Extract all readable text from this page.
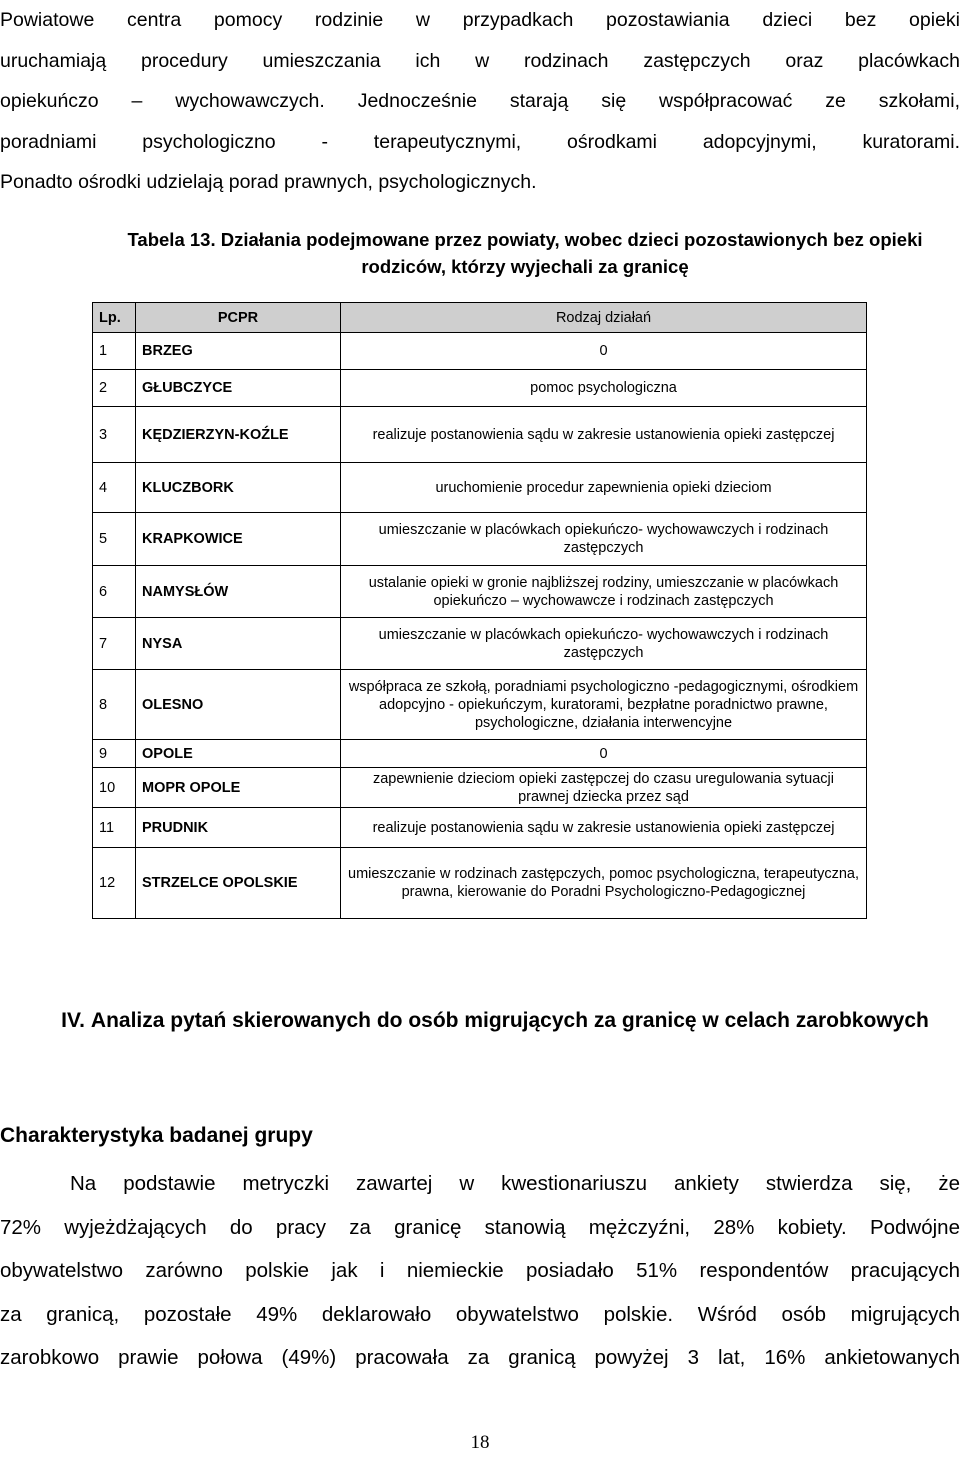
Powiatowe centra pomocy rodzinie w przypadkach pozostawiania dzieci bez opieki
uruchamiają procedury umieszczania ich w rodzinach zastępczych oraz placówkach
opiekuńczo – wychowawczych. Jednocześnie starają się współpracować ze szkołami,
poradniami psychologiczno - terapeutycznymi, ośrodkami adopcyjnymi, kuratorami.
Ponadto ośrodki udzielają porad prawnych, psychologicznych.
Tabela 13. Działania podejmowane przez powiaty, wobec dzieci pozostawionych bez opieki
rodziców, którzy wyjechali za granicę
Lp.	PCPR	Rodzaj działań
1	BRZEG	0
2	GŁUBCZYCE	pomoc psychologiczna
3	KĘDZIERZYN-KOŹLE	realizuje postanowienia sądu w zakresie ustanowienia opieki zastępczej
4	KLUCZBORK	uruchomienie procedur zapewnienia opieki dzieciom
5	KRAPKOWICE	umieszczanie w placówkach opiekuńczo- wychowawczych i rodzinach zastępczych
6	NAMYSŁÓW	ustalanie opieki w gronie najbliższej rodziny, umieszczanie w placówkach opiekuńczo – wychowawcze i rodzinach zastępczych
7	NYSA	umieszczanie w placówkach opiekuńczo- wychowawczych i rodzinach zastępczych
8	OLESNO	współpraca ze szkołą, poradniami psychologiczno -pedagogicznymi, ośrodkiem adopcyjno - opiekuńczym, kuratorami, bezpłatne poradnictwo prawne, psychologiczne, działania interwencyjne
9	OPOLE	0
10	MOPR OPOLE	zapewnienie dzieciom opieki zastępczej do czasu uregulowania sytuacji prawnej dziecka przez sąd
11	PRUDNIK	realizuje postanowienia sądu w zakresie ustanowienia opieki zastępczej
12	STRZELCE OPOLSKIE	umieszczanie w rodzinach zastępczych, pomoc psychologiczna, terapeutyczna, prawna, kierowanie do Poradni Psychologiczno-Pedagogicznej
IV. Analiza pytań skierowanych do osób migrujących za granicę w celach zarobkowych
Charakterystyka badanej grupy
Na podstawie metryczki zawartej w kwestionariuszu ankiety stwierdza się, że
72% wyjeżdżających do pracy za granicę stanowią mężczyźni, 28% kobiety. Podwójne
obywatelstwo zarówno polskie jak i niemieckie posiadało 51% respondentów pracujących
za granicą, pozostałe 49% deklarowało obywatelstwo polskie. Wśród osób migrujących
zarobkowo prawie połowa (49%) pracowała za granicą powyżej 3 lat, 16% ankietowanych
18
